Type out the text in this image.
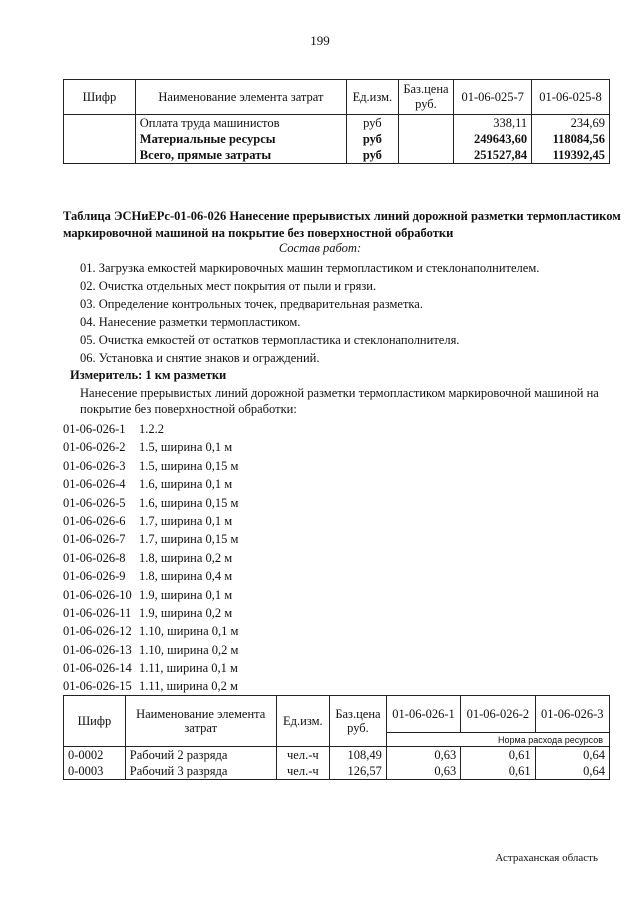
199
Шифр	Наименование элемента затрат	Ед.изм.	Баз.цена руб.	01-06-025-7	01-06-025-8
	Оплата труда машинистов	руб		338,11	234,69
	Материальные ресурсы	руб		249643,60	118084,56
	Всего, прямые затраты	руб		251527,84	119392,45
Таблица ЭСНиЕРс-01-06-026 Нанесение прерывистых линий дорожной разметки термопластиком маркировочной машиной на покрытие без поверхностной обработки
Состав работ:
01. Загрузка емкостей маркировочных машин термопластиком и стеклонаполнителем.
02. Очистка отдельных мест покрытия от пыли и грязи.
03. Определение контрольных точек, предварительная разметка.
04. Нанесение разметки термопластиком.
05. Очистка емкостей от остатков термопластика и стеклонаполнителя.
06. Установка и снятие знаков и ограждений.
Измеритель: 1 км разметки
Нанесение прерывистых линий дорожной разметки термопластиком маркировочной машиной на покрытие без поверхностной обработки:
01-06-026-1 1.2.2
01-06-026-2 1.5, ширина 0,1 м
01-06-026-3 1.5, ширина 0,15 м
01-06-026-4 1.6, ширина 0,1 м
01-06-026-5 1.6, ширина 0,15 м
01-06-026-6 1.7, ширина 0,1 м
01-06-026-7 1.7, ширина 0,15 м
01-06-026-8 1.8, ширина 0,2 м
01-06-026-9 1.8, ширина 0,4 м
01-06-026-10 1.9, ширина 0,1 м
01-06-026-11 1.9, ширина 0,2 м
01-06-026-12 1.10, ширина 0,1 м
01-06-026-13 1.10, ширина 0,2 м
01-06-026-14 1.11, ширина 0,1 м
01-06-026-15 1.11, ширина 0,2 м
Шифр	Наименование элемента затрат	Ед.изм.	Баз.цена руб.	01-06-026-1	01-06-026-2	01-06-026-3
				Норма расхода ресурсов		
0-0002	Рабочий 2 разряда	чел.-ч	108,49	0,63	0,61	0,64
0-0003	Рабочий 3 разряда	чел.-ч	126,57	0,63	0,61	0,64
Астраханская область
